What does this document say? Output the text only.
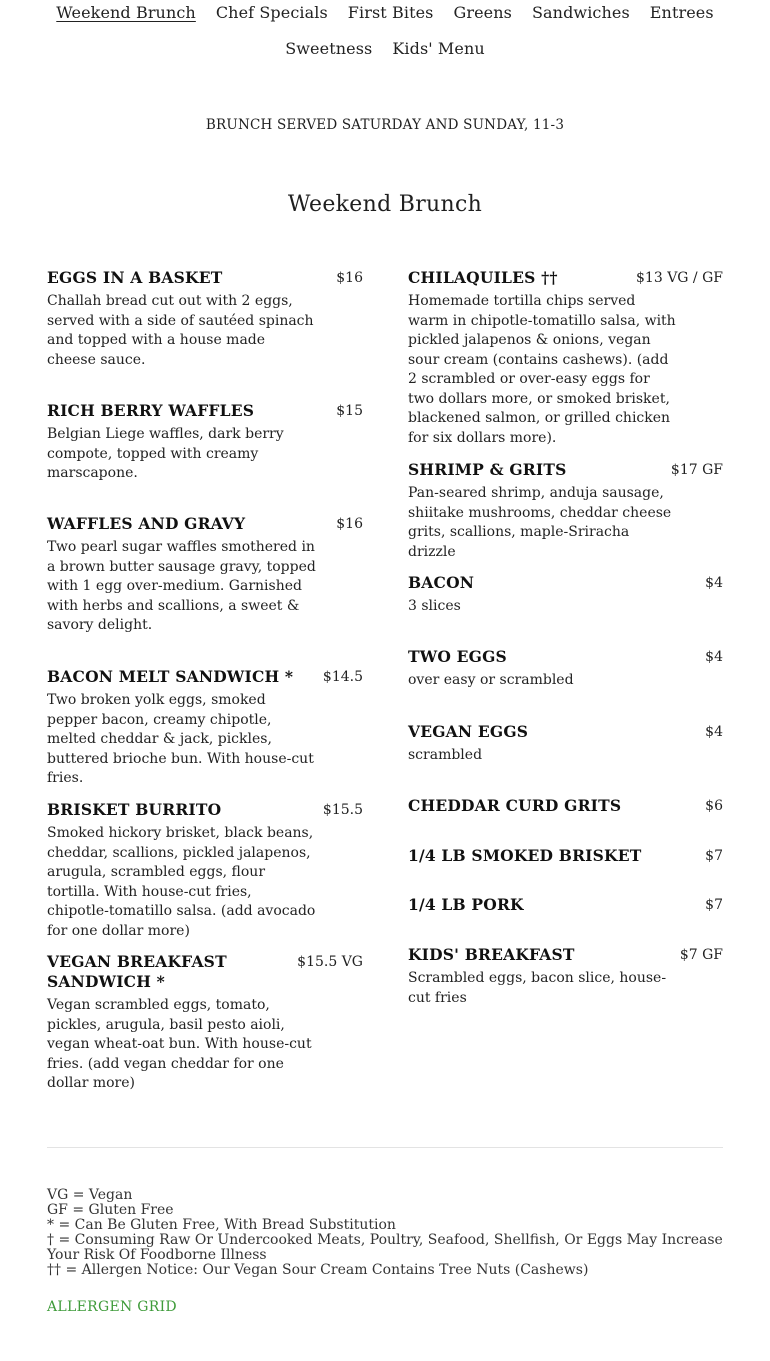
Weekend Brunch	Chef Specials	First Bites	Greens	Sandwiches	Entrees
Sweetness	Kids' Menu
BRUNCH SERVED SATURDAY AND SUNDAY, 11-3
Weekend Brunch
EGGS IN A BASKET	$16
Challah bread cut out with 2 eggs, served with a side of sautéed spinach and topped with a house made cheese sauce.
RICH BERRY WAFFLES	$15
Belgian Liege waffles, dark berry compote, topped with creamy marscapone.
WAFFLES AND GRAVY	$16
Two pearl sugar waffles smothered in a brown butter sausage gravy, topped with 1 egg over-medium. Garnished with herbs and scallions, a sweet & savory delight.
BACON MELT SANDWICH *	$14.5
Two broken yolk eggs, smoked pepper bacon, creamy chipotle, melted cheddar & jack, pickles, buttered brioche bun. With house-cut fries.
BRISKET BURRITO	$15.5
Smoked hickory brisket, black beans, cheddar, scallions, pickled jalapenos, arugula, scrambled eggs, flour tortilla. With house-cut fries, chipotle-tomatillo salsa. (add avocado for one dollar more)
VEGAN BREAKFAST SANDWICH *
$15.5 VG
Vegan scrambled eggs, tomato, pickles, arugula, basil pesto aioli, vegan wheat-oat bun. With house-cut fries. (add vegan cheddar for one dollar more)
CHILAQUILES ††	$13 VG / GF
Homemade tortilla chips served warm in chipotle-tomatillo salsa, with pickled jalapenos & onions, vegan sour cream (contains cashews). (add 2 scrambled or over-easy eggs for two dollars more, or smoked brisket, blackened salmon, or grilled chicken for six dollars more).
SHRIMP & GRITS	$17 GF
Pan-seared shrimp, anduja sausage, shiitake mushrooms, cheddar cheese grits, scallions, maple-Sriracha drizzle
BACON	$4
3 slices
TWO EGGS	$4
over easy or scrambled
VEGAN EGGS	$4
scrambled
CHEDDAR CURD GRITS	$6
1/4 LB SMOKED BRISKET	$7
1/4 LB PORK	$7
KIDS' BREAKFAST	$7 GF
Scrambled eggs, bacon slice, house-cut fries
VG = Vegan
GF = Gluten Free
* = Can Be Gluten Free, With Bread Substitution
† = Consuming Raw Or Undercooked Meats, Poultry, Seafood, Shellfish, Or Eggs May Increase Your Risk Of Foodborne Illness
†† = Allergen Notice: Our Vegan Sour Cream Contains Tree Nuts (Cashews)
ALLERGEN GRID
